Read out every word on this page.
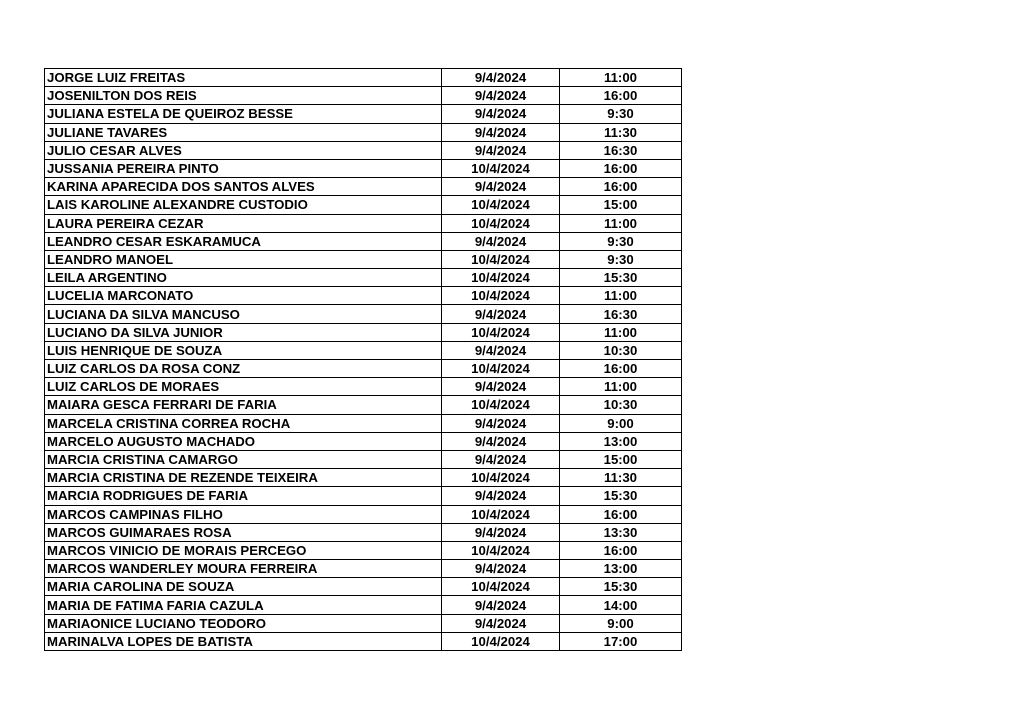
JORGE LUIZ FREITAS	9/4/2024	11:00
JOSENILTON DOS REIS	9/4/2024	16:00
JULIANA ESTELA DE QUEIROZ BESSE	9/4/2024	9:30
JULIANE TAVARES	9/4/2024	11:30
JULIO CESAR ALVES	9/4/2024	16:30
JUSSANIA PEREIRA PINTO	10/4/2024	16:00
KARINA APARECIDA DOS SANTOS ALVES	9/4/2024	16:00
LAIS KAROLINE ALEXANDRE CUSTODIO	10/4/2024	15:00
LAURA PEREIRA CEZAR	10/4/2024	11:00
LEANDRO CESAR ESKARAMUCA	9/4/2024	9:30
LEANDRO MANOEL	10/4/2024	9:30
LEILA ARGENTINO	10/4/2024	15:30
LUCELIA MARCONATO	10/4/2024	11:00
LUCIANA DA SILVA MANCUSO	9/4/2024	16:30
LUCIANO DA SILVA JUNIOR	10/4/2024	11:00
LUIS HENRIQUE DE SOUZA	9/4/2024	10:30
LUIZ CARLOS DA ROSA CONZ	10/4/2024	16:00
LUIZ CARLOS DE MORAES	9/4/2024	11:00
MAIARA GESCA FERRARI DE FARIA	10/4/2024	10:30
MARCELA CRISTINA CORREA ROCHA	9/4/2024	9:00
MARCELO AUGUSTO MACHADO	9/4/2024	13:00
MARCIA CRISTINA CAMARGO	9/4/2024	15:00
MARCIA CRISTINA DE REZENDE TEIXEIRA	10/4/2024	11:30
MARCIA RODRIGUES DE FARIA	9/4/2024	15:30
MARCOS CAMPINAS FILHO	10/4/2024	16:00
MARCOS GUIMARAES ROSA	9/4/2024	13:30
MARCOS VINICIO DE MORAIS PERCEGO	10/4/2024	16:00
MARCOS WANDERLEY MOURA FERREIRA	9/4/2024	13:00
MARIA CAROLINA DE SOUZA	10/4/2024	15:30
MARIA DE FATIMA FARIA CAZULA	9/4/2024	14:00
MARIAONICE LUCIANO TEODORO	9/4/2024	9:00
MARINALVA LOPES DE BATISTA	10/4/2024	17:00
